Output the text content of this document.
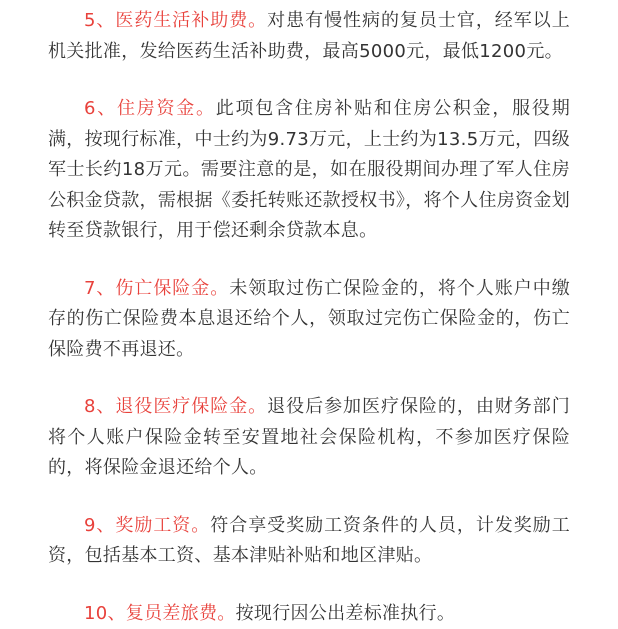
5、医药生活补助费。对患有慢性病的复员士官，经军以上机关批准，发给医药生活补助费，最高5000元，最低1200元。

6、住房资金。此项包含住房补贴和住房公积金，服役期满，按现行标准，中士约为9.73万元，上士约为13.5万元，四级军士长约18万元。需要注意的是，如在服役期间办理了军人住房公积金贷款，需根据《委托转账还款授权书》，将个人住房资金划转至贷款银行，用于偿还剩余贷款本息。

7、伤亡保险金。未领取过伤亡保险金的，将个人账户中缴存的伤亡保险费本息退还给个人，领取过完伤亡保险金的，伤亡保险费不再退还。

8、退役医疗保险金。退役后参加医疗保险的，由财务部门将个人账户保险金转至安置地社会保险机构，不参加医疗保险的，将保险金退还给个人。

9、奖励工资。符合享受奖励工资条件的人员，计发奖励工资，包括基本工资、基本津贴补贴和地区津贴。

10、复员差旅费。按现行因公出差标准执行。
